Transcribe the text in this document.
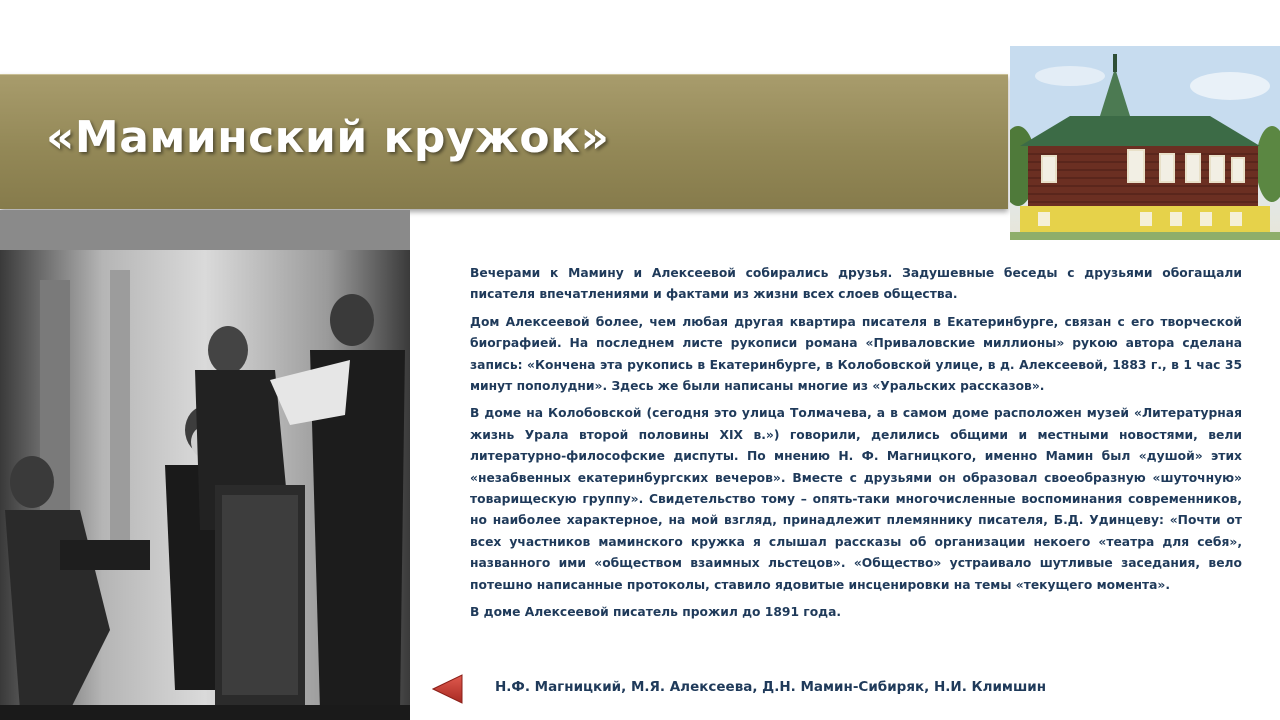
«Маминский кружок»

Вечерами к Мамину и Алексеевой собирались друзья. Задушевные беседы с друзьями обогащали писателя впечатлениями и фактами из жизни всех слоев общества.

Дом Алексеевой более, чем любая другая квартира писателя в Екатеринбурге, связан с его творческой биографией. На последнем листе рукописи романа «Приваловские миллионы» рукою автора сделана запись: «Кончена эта рукопись в Екатеринбурге, в Колобовской улице, в д. Алексеевой, 1883 г., в 1 час 35 минут пополудни». Здесь же были написаны многие из «Уральских рассказов».

В доме на Колобовской (сегодня это улица Толмачева, а в самом доме расположен музей «Литературная жизнь Урала второй половины XIX в.») говорили, делились общими и местными новостями, вели литературно-философские диспуты. По мнению Н. Ф. Магницкого, именно Мамин был «душой» этих «незабвенных екатеринбургских вечеров». Вместе с друзьями он образовал своеобразную «шуточную» товарищескую группу». Свидетельство тому – опять-таки многочисленные воспоминания современников, но наиболее характерное, на мой взгляд, принадлежит племяннику писателя, Б.Д. Удинцеву: «Почти от всех участников маминского кружка я слышал рассказы об организации некоего «театра для себя», названного ими «обществом взаимных льстецов». «Общество» устраивало шутливые заседания, вело потешно написанные протоколы, ставило ядовитые инсценировки на темы «текущего момента».

В доме Алексеевой писатель прожил до 1891 года.

Н.Ф. Магницкий, М.Я. Алексеева, Д.Н. Мамин-Сибиряк, Н.И. Климшин
